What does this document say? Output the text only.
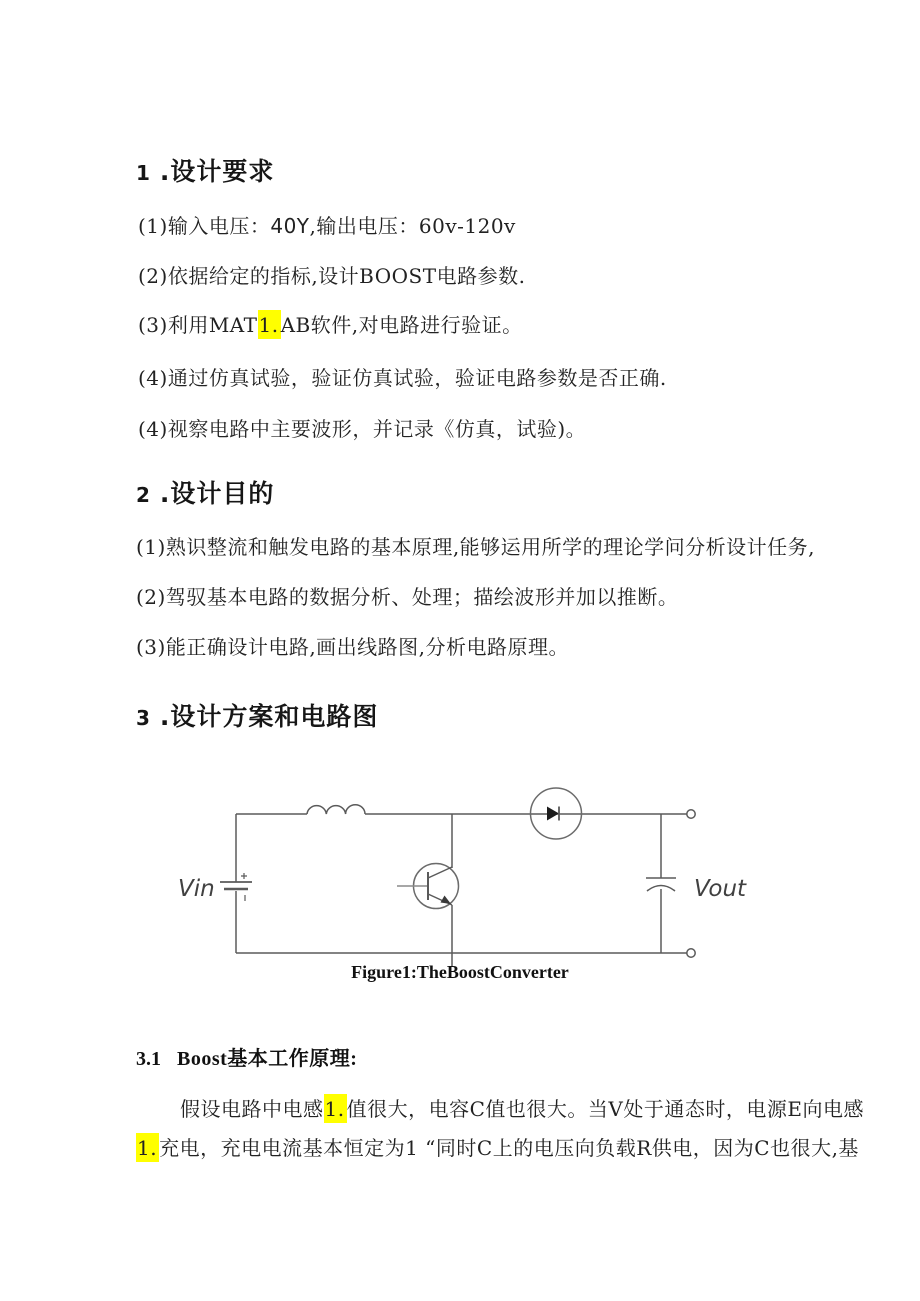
1 .设计要求
(1)输入电压：40Y,输出电压：60v-120v
(2)依据给定的指标,设计BOOST电路参数.
(3)利用MAT1. AB软件,对电路进行验证。
(4)通过仿真试验，验证仿真试验，验证电路参数是否正确.
(4)视察电路中主要波形，并记录《仿真，试验)。
2 .设计目的
(1)熟识整流和触发电路的基本原理,能够运用所学的理论学问分析设计任务,
(2)驾驭基本电路的数据分析、处理；描绘波形并加以推断。
(3)能正确设计电路,画出线路图,分析电路原理。
3 .设计方案和电路图
Vin	Vout
Figure1:TheBoostConverter
3.1 Boost基本工作原理:
假设电路中电感1. 值很大，电容C值也很大。当V处于通态时，电源E向电感
1. 充电，充电电流基本恒定为1 “同时C上的电压向负载R供电，因为C也很大,基
